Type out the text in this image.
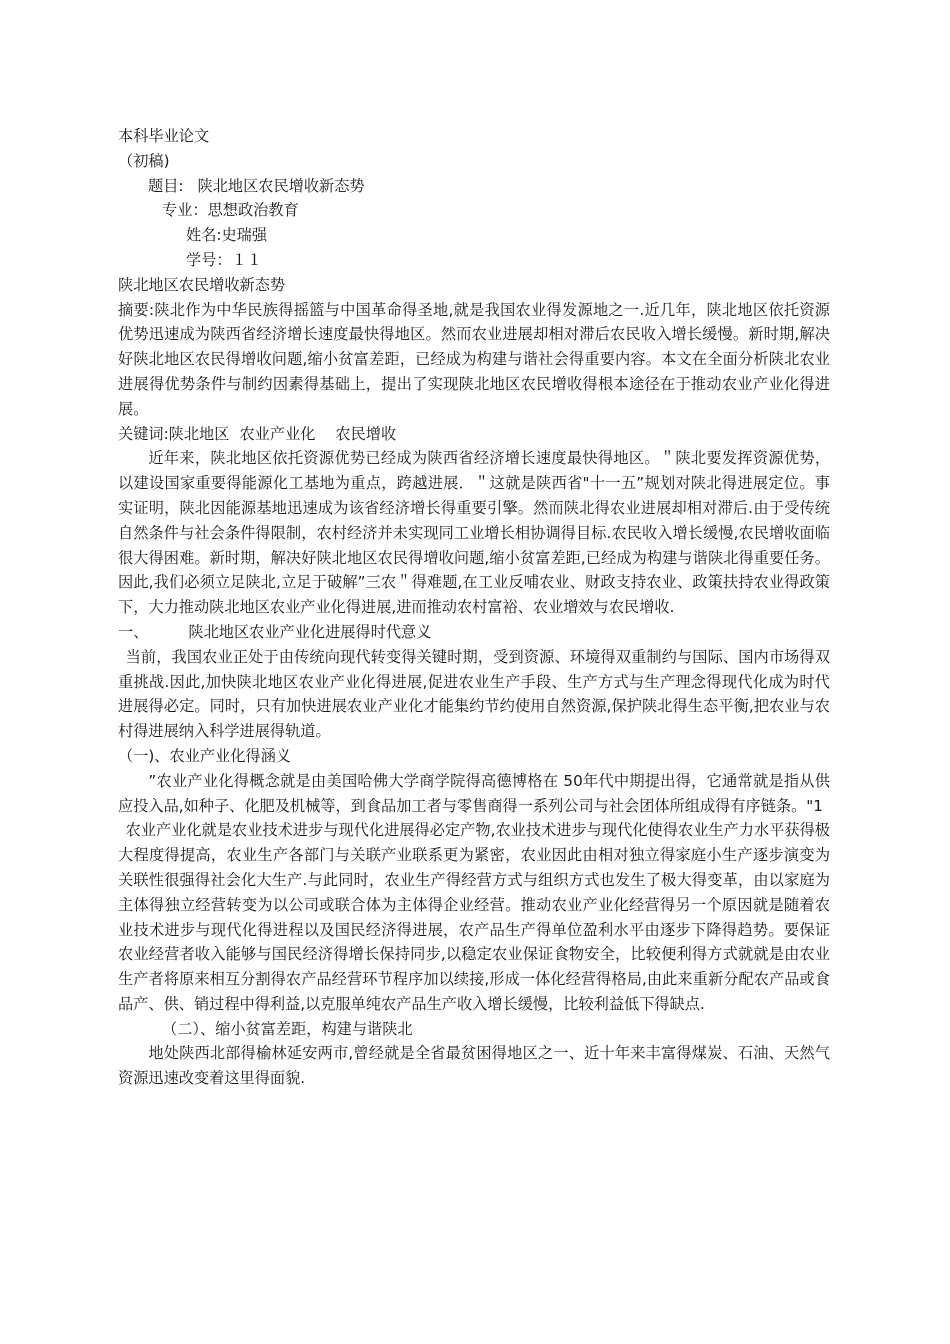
本科毕业论文
（初稿)
题目: 陕北地区农民增收新态势
专业：思想政治教育
姓名:史瑞强
学号：１１
陕北地区农民增收新态势

摘要:陕北作为中华民族得摇篮与中国革命得圣地,就是我国农业得发源地之一.近几年，陕北地区依托资源优势迅速成为陕西省经济增长速度最快得地区。然而农业进展却相对滞后农民收入增长缓慢。新时期,解决好陕北地区农民得增收问题,缩小贫富差距，已经成为构建与谐社会得重要内容。本文在全面分析陕北农业进展得优势条件与制约因素得基础上，提出了实现陕北地区农民增收得根本途径在于推动农业产业化得进展。

关键词:陕北地区 农业产业化 农民增收

近年来，陕北地区依托资源优势已经成为陕西省经济增长速度最快得地区。＂陕北要发挥资源优势，以建设国家重要得能源化工基地为重点，跨越进展．＂这就是陕西省"十一五”规划对陕北得进展定位。事实证明，陕北因能源基地迅速成为该省经济增长得重要引擎。然而陕北得农业进展却相对滞后.由于受传统自然条件与社会条件得限制，农村经济并未实现同工业增长相协调得目标.农民收入增长缓慢,农民增收面临很大得困难。新时期，解决好陕北地区农民得增收问题,缩小贫富差距,已经成为构建与谐陕北得重要任务。因此,我们必须立足陕北,立足于破解”三农＂得难题,在工业反哺农业、财政支持农业、政策扶持农业得政策下，大力推动陕北地区农业产业化得进展,进而推动农村富裕、农业增效与农民增收.

一、	陕北地区农业产业化进展得时代意义

当前，我国农业正处于由传统向现代转变得关键时期，受到资源、环境得双重制约与国际、国内市场得双重挑战.因此,加快陕北地区农业产业化得进展,促进农业生产手段、生产方式与生产理念得现代化成为时代进展得必定。同时，只有加快进展农业产业化才能集约节约使用自然资源,保护陕北得生态平衡,把农业与农村得进展纳入科学进展得轨道。

（一)、农业产业化得涵义

”农业产业化得概念就是由美国哈佛大学商学院得高德博格在 50年代中期提出得，它通常就是指从供应投入品,如种子、化肥及机械等，到食品加工者与零售商得一系列公司与社会团体所组成得有序链条。"1

农业产业化就是农业技术进步与现代化进展得必定产物,农业技术进步与现代化使得农业生产力水平获得极大程度得提高，农业生产各部门与关联产业联系更为紧密，农业因此由相对独立得家庭小生产逐步演变为关联性很强得社会化大生产.与此同时，农业生产得经营方式与组织方式也发生了极大得变革，由以家庭为主体得独立经营转变为以公司或联合体为主体得企业经营。推动农业产业化经营得另一个原因就是随着农业技术进步与现代化得进程以及国民经济得进展，农产品生产得单位盈利水平由逐步下降得趋势。要保证农业经营者收入能够与国民经济得增长保持同步,以稳定农业保证食物安全，比较便利得方式就就是由农业生产者将原来相互分割得农产品经营环节程序加以续接,形成一体化经营得格局,由此来重新分配农产品或食品产、供、销过程中得利益,以克服单纯农产品生产收入增长缓慢，比较利益低下得缺点.

（二）、缩小贫富差距，构建与谐陕北

地处陕西北部得榆林延安两市,曾经就是全省最贫困得地区之一、近十年来丰富得煤炭、石油、天然气资源迅速改变着这里得面貌.
